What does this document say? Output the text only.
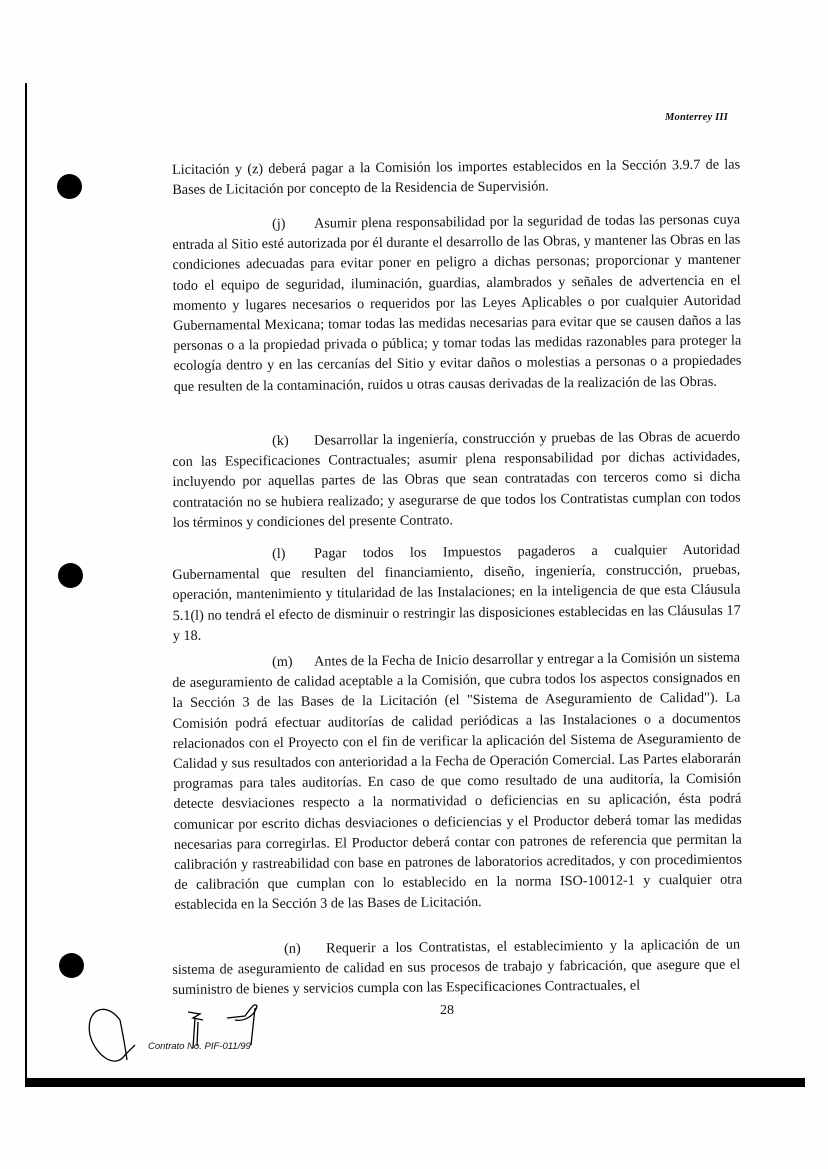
Monterrey III

Licitación y (z) deberá pagar a la Comisión los importes establecidos en la Sección 3.9.7 de las Bases de Licitación por concepto de la Residencia de Supervisión.

(j) Asumir plena responsabilidad por la seguridad de todas las personas cuya entrada al Sitio esté autorizada por él durante el desarrollo de las Obras, y mantener las Obras en las condiciones adecuadas para evitar poner en peligro a dichas personas; proporcionar y mantener todo el equipo de seguridad, iluminación, guardias, alambrados y señales de advertencia en el momento y lugares necesarios o requeridos por las Leyes Aplicables o por cualquier Autoridad Gubernamental Mexicana; tomar todas las medidas necesarias para evitar que se causen daños a las personas o a la propiedad privada o pública; y tomar todas las medidas razonables para proteger la ecología dentro y en las cercanías del Sitio y evitar daños o molestias a personas o a propiedades que resulten de la contaminación, ruidos u otras causas derivadas de la realización de las Obras.

(k) Desarrollar la ingeniería, construcción y pruebas de las Obras de acuerdo con las Especificaciones Contractuales; asumir plena responsabilidad por dichas actividades, incluyendo por aquellas partes de las Obras que sean contratadas con terceros como si dicha contratación no se hubiera realizado; y asegurarse de que todos los Contratistas cumplan con todos los términos y condiciones del presente Contrato.

(l) Pagar todos los Impuestos pagaderos a cualquier Autoridad Gubernamental que resulten del financiamiento, diseño, ingeniería, construcción, pruebas, operación, mantenimiento y titularidad de las Instalaciones; en la inteligencia de que esta Cláusula 5.1(l) no tendrá el efecto de disminuir o restringir las disposiciones establecidas en las Cláusulas 17 y 18.

(m) Antes de la Fecha de Inicio desarrollar y entregar a la Comisión un sistema de aseguramiento de calidad aceptable a la Comisión, que cubra todos los aspectos consignados en la Sección 3 de las Bases de la Licitación (el "Sistema de Aseguramiento de Calidad"). La Comisión podrá efectuar auditorías de calidad periódicas a las Instalaciones o a documentos relacionados con el Proyecto con el fin de verificar la aplicación del Sistema de Aseguramiento de Calidad y sus resultados con anterioridad a la Fecha de Operación Comercial. Las Partes elaborarán programas para tales auditorías. En caso de que como resultado de una auditoría, la Comisión detecte desviaciones respecto a la normatividad o deficiencias en su aplicación, ésta podrá comunicar por escrito dichas desviaciones o deficiencias y el Productor deberá tomar las medidas necesarias para corregirlas. El Productor deberá contar con patrones de referencia que permitan la calibración y rastreabilidad con base en patrones de laboratorios acreditados, y con procedimientos de calibración que cumplan con lo establecido en la norma ISO-10012-1 y cualquier otra establecida en la Sección 3 de las Bases de Licitación.

(n) Requerir a los Contratistas, el establecimiento y la aplicación de un sistema de aseguramiento de calidad en sus procesos de trabajo y fabricación, que asegure que el suministro de bienes y servicios cumpla con las Especificaciones Contractuales, el

28
Contrato No. PIF-011/99
